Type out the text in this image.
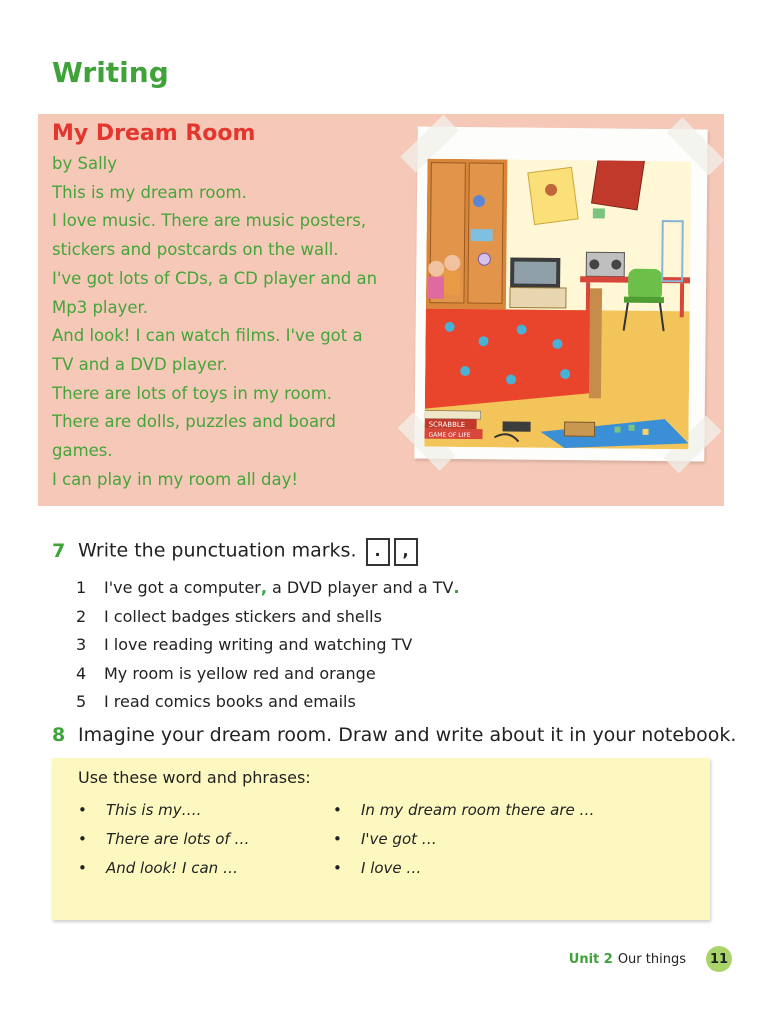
Writing
My Dream Room
by Sally
This is my dream room.
I love music. There are music posters,
stickers and postcards on the wall.
I've got lots of CDs, a CD player and an
Mp3 player.
And look! I can watch films. I've got a
TV and a DVD player.
There are lots of toys in my room.
There are dolls, puzzles and board
games.
I can play in my room all day!
SCRABBLE
GAME OF LIFE
7 Write the punctuation marks. . ,
1 I've got a computer, a DVD player and a TV.
2 I collect badges stickers and shells
3 I love reading writing and watching TV
4 My room is yellow red and orange
5 I read comics books and emails
8 Imagine your dream room. Draw and write about it in your notebook.
Use these word and phrases:
• This is my….
• There are lots of …
• And look! I can …
• In my dream room there are …
• I've got …
• I love …
Unit 2 Our things	11
